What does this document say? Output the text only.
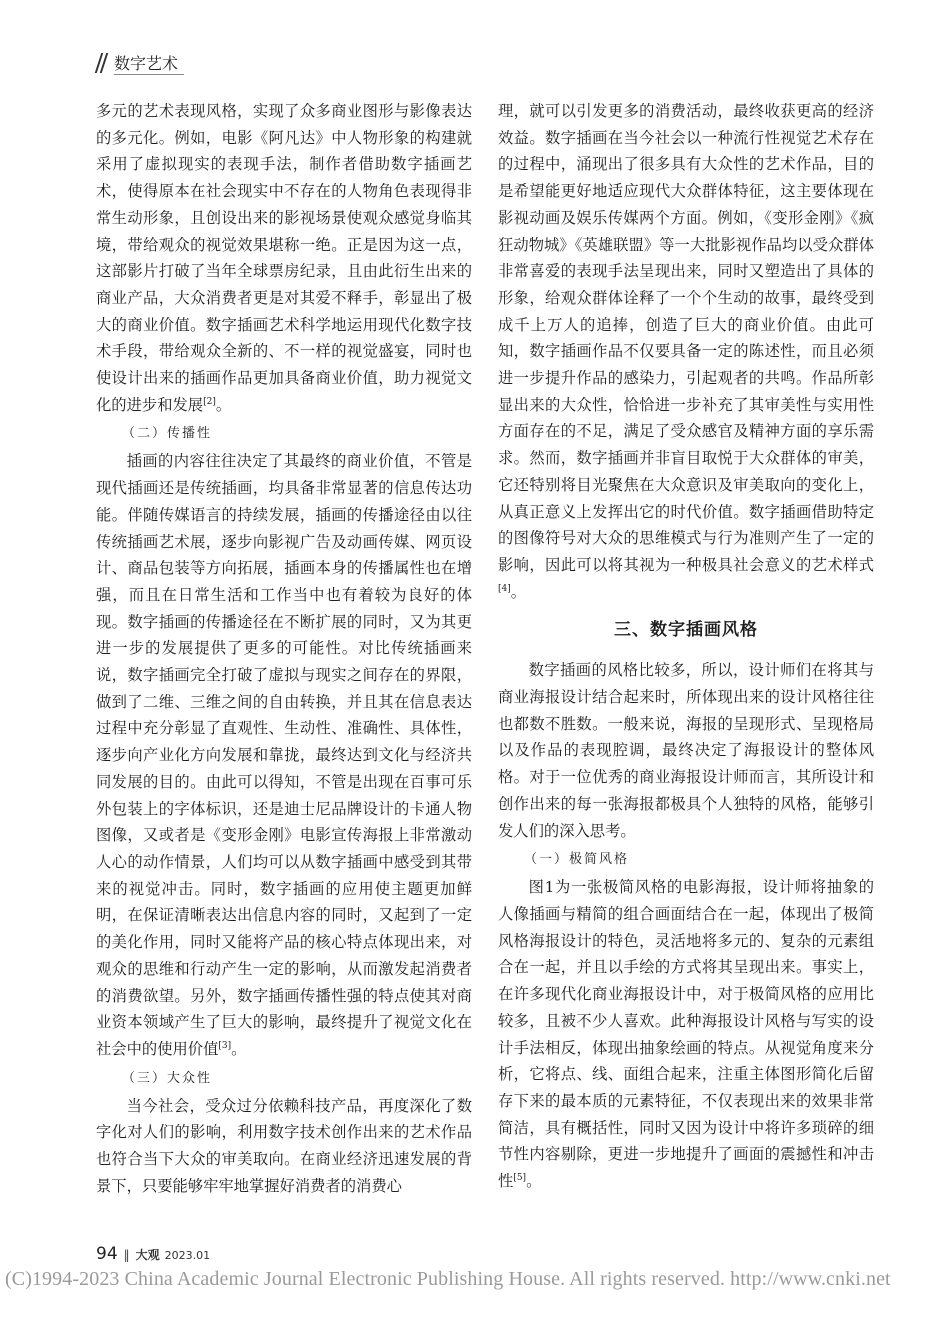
数字艺术

多元的艺术表现风格，实现了众多商业图形与影像表达的多元化。例如，电影《阿凡达》中人物形象的构建就采用了虚拟现实的表现手法，制作者借助数字插画艺术，使得原本在社会现实中不存在的人物角色表现得非常生动形象，且创设出来的影视场景使观众感觉身临其境，带给观众的视觉效果堪称一绝。正是因为这一点，这部影片打破了当年全球票房纪录，且由此衍生出来的商业产品，大众消费者更是对其爱不释手，彰显出了极大的商业价值。数字插画艺术科学地运用现代化数字技术手段，带给观众全新的、不一样的视觉盛宴，同时也使设计出来的插画作品更加具备商业价值，助力视觉文化的进步和发展[2]。

（二）传播性

插画的内容往往决定了其最终的商业价值，不管是现代插画还是传统插画，均具备非常显著的信息传达功能。伴随传媒语言的持续发展，插画的传播途径由以往传统插画艺术展，逐步向影视广告及动画传媒、网页设计、商品包装等方向拓展，插画本身的传播属性也在增强，而且在日常生活和工作当中也有着较为良好的体现。数字插画的传播途径在不断扩展的同时，又为其更进一步的发展提供了更多的可能性。对比传统插画来说，数字插画完全打破了虚拟与现实之间存在的界限，做到了二维、三维之间的自由转换，并且其在信息表达过程中充分彰显了直观性、生动性、准确性、具体性，逐步向产业化方向发展和靠拢，最终达到文化与经济共同发展的目的。由此可以得知，不管是出现在百事可乐外包装上的字体标识，还是迪士尼品牌设计的卡通人物图像，又或者是《变形金刚》电影宣传海报上非常激动人心的动作情景，人们均可以从数字插画中感受到其带来的视觉冲击。同时，数字插画的应用使主题更加鲜明，在保证清晰表达出信息内容的同时，又起到了一定的美化作用，同时又能将产品的核心特点体现出来，对观众的思维和行动产生一定的影响，从而激发起消费者的消费欲望。另外，数字插画传播性强的特点使其对商业资本领域产生了巨大的影响，最终提升了视觉文化在社会中的使用价值[3]。

（三）大众性

当今社会，受众过分依赖科技产品，再度深化了数字化对人们的影响，利用数字技术创作出来的艺术作品也符合当下大众的审美取向。在商业经济迅速发展的背景下，只要能够牢牢地掌握好消费者的消费心

理，就可以引发更多的消费活动，最终收获更高的经济效益。数字插画在当今社会以一种流行性视觉艺术存在的过程中，涌现出了很多具有大众性的艺术作品，目的是希望能更好地适应现代大众群体特征，这主要体现在影视动画及娱乐传媒两个方面。例如，《变形金刚》《疯狂动物城》《英雄联盟》等一大批影视作品均以受众群体非常喜爱的表现手法呈现出来，同时又塑造出了具体的形象，给观众群体诠释了一个个生动的故事，最终受到成千上万人的追捧，创造了巨大的商业价值。由此可知，数字插画作品不仅要具备一定的陈述性，而且必须进一步提升作品的感染力，引起观者的共鸣。作品所彰显出来的大众性，恰恰进一步补充了其审美性与实用性方面存在的不足，满足了受众感官及精神方面的享乐需求。然而，数字插画并非盲目取悦于大众群体的审美，它还特别将目光聚焦在大众意识及审美取向的变化上，从真正意义上发挥出它的时代价值。数字插画借助特定的图像符号对大众的思维模式与行为准则产生了一定的影响，因此可以将其视为一种极具社会意义的艺术样式[4]。

三、数字插画风格

数字插画的风格比较多，所以，设计师们在将其与商业海报设计结合起来时，所体现出来的设计风格往往也都数不胜数。一般来说，海报的呈现形式、呈现格局以及作品的表现腔调，最终决定了海报设计的整体风格。对于一位优秀的商业海报设计师而言，其所设计和创作出来的每一张海报都极具个人独特的风格，能够引发人们的深入思考。

（一）极简风格

图1为一张极简风格的电影海报，设计师将抽象的人像插画与精简的组合画面结合在一起，体现出了极简风格海报设计的特色，灵活地将多元的、复杂的元素组合在一起，并且以手绘的方式将其呈现出来。事实上，在许多现代化商业海报设计中，对于极简风格的应用比较多，且被不少人喜欢。此种海报设计风格与写实的设计手法相反，体现出抽象绘画的特点。从视觉角度来分析，它将点、线、面组合起来，注重主体图形简化后留存下来的最本质的元素特征，不仅表现出来的效果非常简洁，具有概括性，同时又因为设计中将许多琐碎的细节性内容剔除，更进一步地提升了画面的震撼性和冲击性[5]。

94 ‖ 大观 2023.01
(C)1994-2023 China Academic Journal Electronic Publishing House. All rights reserved. http://www.cnki.net
